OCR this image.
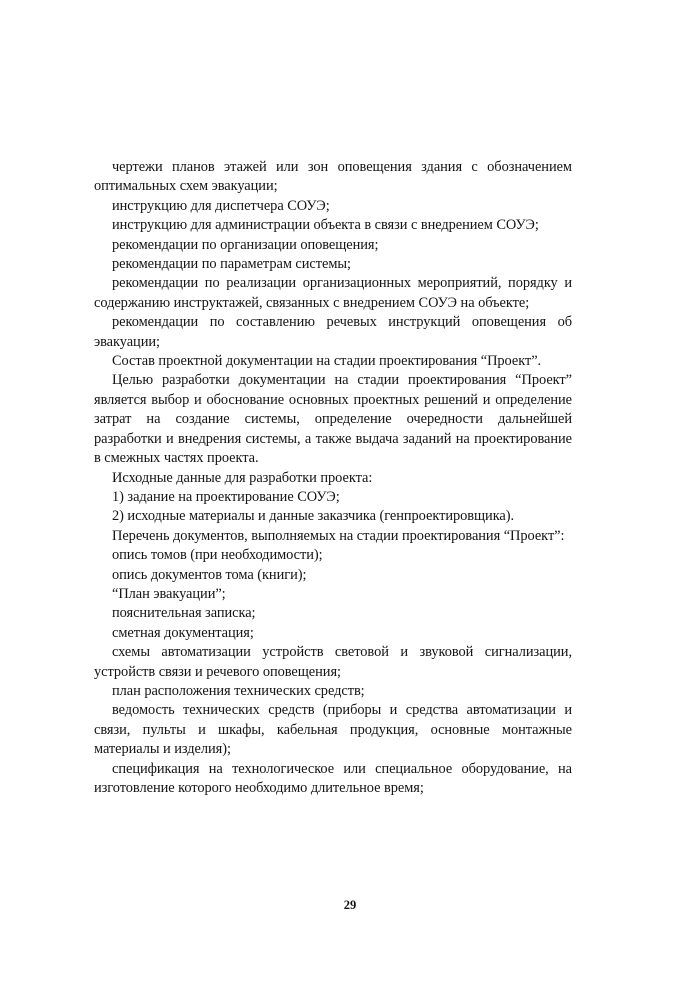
чертежи планов этажей или зон оповещения здания с обозначением оптимальных схем эвакуации;

инструкцию для диспетчера СОУЭ;

инструкцию для администрации объекта в связи с внедрением СОУЭ;

рекомендации по организации оповещения;

рекомендации по параметрам системы;

рекомендации по реализации организационных мероприятий, порядку и содержанию инструктажей, связанных с внедрением СОУЭ на объекте;

рекомендации по составлению речевых инструкций оповещения об эвакуации;

Состав проектной документации на стадии проектирования “Проект”.

Целью разработки документации на стадии проектирования “Проект” является выбор и обоснование основных проектных решений и определение затрат на создание системы, определение очередности дальнейшей разработки и внедрения системы, а также выдача заданий на проектирование в смежных частях проекта.

Исходные данные для разработки проекта:

1) задание на проектирование СОУЭ;

2) исходные материалы и данные заказчика (генпроектировщика).

Перечень документов, выполняемых на стадии проектирования “Проект”:

опись томов (при необходимости);

опись документов тома (книги);

“План эвакуации”;

пояснительная записка;

сметная документация;

схемы автоматизации устройств световой и звуковой сигнализации, устройств связи и речевого оповещения;

план расположения технических средств;

ведомость технических средств (приборы и средства автоматизации и связи, пульты и шкафы, кабельная продукция, основные монтажные материалы и изделия);

спецификация на технологическое или специальное оборудование, на изготовление которого необходимо длительное время;

29
